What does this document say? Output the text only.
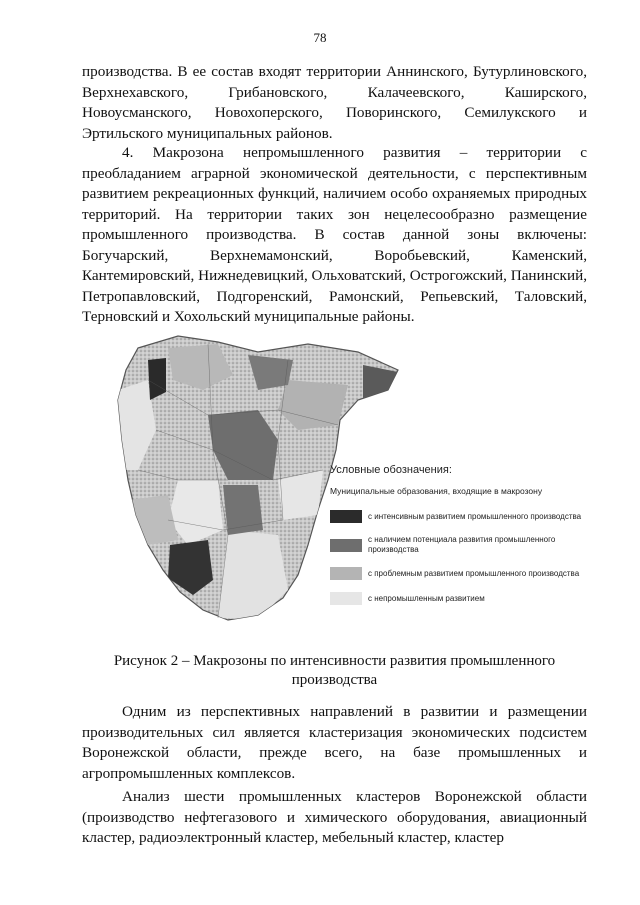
78

производства. В ее состав входят территории Аннинского, Бутурлиновского, Верхнехавского, Грибановского, Калачеевского, Каширского, Новоусманского, Новохоперского, Поворинского, Семилукского и Эртильского муниципальных районов.

4. Макрозона непромышленного развития – территории с преобладанием аграрной экономической деятельности, с перспективным развитием рекреационных функций, наличием особо охраняемых природных территорий. На территории таких зон нецелесообразно размещение промышленного производства. В состав данной зоны включены: Богучарский, Верхнемамонский, Воробьевский, Каменский, Кантемировский, Нижнедевицкий, Ольховатский, Острогожский, Панинский, Петропавловский, Подгоренский, Рамонский, Репьевский, Таловский, Терновский и Хохольский муниципальные районы.

Условные обозначения:
Муниципальные образования, входящие в макрозону
с интенсивным развитием промышленного производства
с наличием потенциала развития промышленного производства
с проблемным развитием промышленного производства
с непромышленным развитием
Рисунок 2 – Макрозоны по интенсивности развития промышленного производства

Одним из перспективных направлений в развитии и размещении производительных сил является кластеризация экономических подсистем Воронежской области, прежде всего, на базе промышленных и агропромышленных комплексов.

Анализ шести промышленных кластеров Воронежской области (производство нефтегазового и химического оборудования, авиационный кластер, радиоэлектронный кластер, мебельный кластер, кластер
